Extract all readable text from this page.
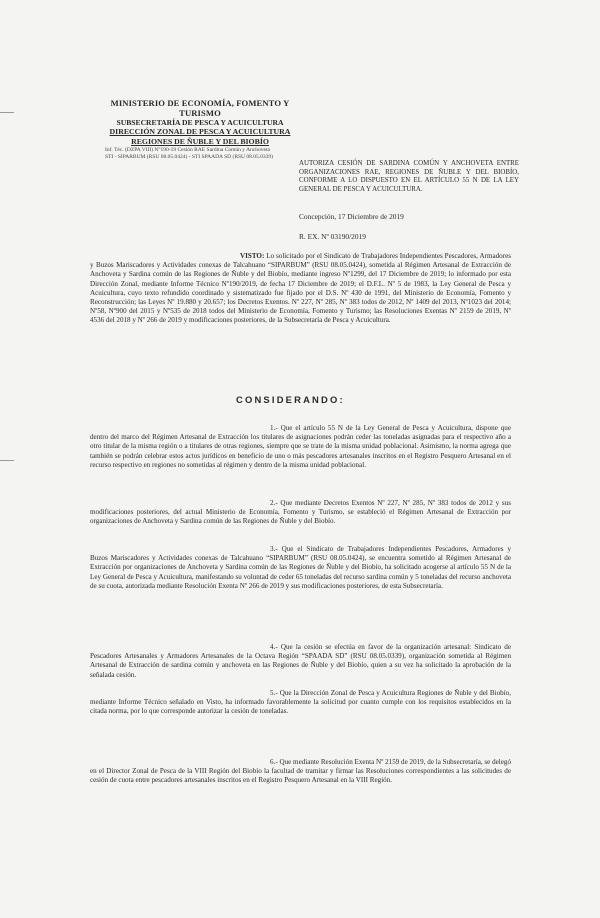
MINISTERIO DE ECONOMÍA, FOMENTO Y TURISMO
SUBSECRETARÍA DE PESCA Y ACUICULTURA
DIRECCIÓN ZONAL DE PESCA Y ACUICULTURA
REGIONES DE ÑUBLE Y DEL BIOBÍO
Inf. Téc. (DZPA VIII) N°190-19 Cesión RAE Sardina Común y Anchoveta
STI - SIPARBUM (RSU 08.05.0424) - STI SPAADA SD (RSU 08.05.0339)
AUTORIZA CESIÓN DE SARDINA COMÚN Y ANCHOVETA ENTRE ORGANIZACIONES RAE, REGIONES DE ÑUBLE Y DEL BIOBÍO, CONFORME A LO DISPUESTO EN EL ARTÍCULO 55 N DE LA LEY GENERAL DE PESCA Y ACUICULTURA.
Concepción, 17 Diciembre de 2019
R. EX. Nº 03190/2019
VISTO: Lo solicitado por el Sindicato de Trabajadores Independientes Pescadores, Armadores y Buzos Mariscadores y Actividades conexas de Talcahuano “SIPARBUM” (RSU 08.05.0424), sometida al Régimen Artesanal de Extracción de Anchoveta y Sardina común de las Regiones de Ñuble y del Biobío, mediante ingreso Nº1299, del 17 Diciembre de 2019; lo informado por esta Dirección Zonal, mediante Informe Técnico Nº190/2019, de fecha 17 Diciembre de 2019; el D.F.L. Nº 5 de 1983, la Ley General de Pesca y Acuicultura, cuyo texto refundido coordinado y sistematizado fue fijado por el D.S. Nº 430 de 1991, del Ministerio de Economía, Fomento y Reconstrucción; las Leyes Nº 19.880 y 20.657; los Decretos Exentos. Nº 227, Nº 285, Nº 383 todos de 2012, Nº 1409 del 2013, Nº1023 del 2014; Nº58, Nº900 del 2015 y Nº535 de 2018 todos del Ministerio de Economía, Fomento y Turismo; las Resoluciones Exentas Nº 2159 de 2019, Nº 4536 del 2018 y Nº 266 de 2019 y modificaciones posteriores, de la Subsecretaría de Pesca y Acuicultura.
CONSIDERANDO:
1.- Que el artículo 55 N de la Ley General de Pesca y Acuicultura, dispone que dentro del marco del Régimen Artesanal de Extracción los titulares de asignaciones podrán ceder las toneladas asignadas para el respectivo año a otro titular de la misma región o a titulares de otras regiones, siempre que se trate de la misma unidad poblacional. Asimismo, la norma agrega que también se podrán celebrar estos actos jurídicos en beneficio de uno o más pescadores artesanales inscritos en el Registro Pesquero Artesanal en el recurso respectivo en regiones no sometidas al régimen y dentro de la misma unidad poblacional.
2.- Que mediante Decretos Exentos Nº 227, Nº 285, Nº 383 todos de 2012 y sus modificaciones posteriores, del actual Ministerio de Economía, Fomento y Turismo, se estableció el Régimen Artesanal de Extracción por organizaciones de Anchoveta y Sardina común de las Regiones de Ñuble y del Biobío.
3.- Que el Sindicato de Trabajadores Independientes Pescadores, Armadores y Buzos Mariscadores y Actividades conexas de Talcahuano “SIPARBUM” (RSU 08.05.0424), se encuentra sometido al Régimen Artesanal de Extracción por organizaciones de Anchoveta y Sardina común de las Regiones de Ñuble y del Biobío, ha solicitado acogerse al artículo 55 N de la Ley General de Pesca y Acuicultura, manifestando su voluntad de ceder 65 toneladas del recurso sardina común y 5 toneladas del recurso anchoveta de su cuota, autorizada mediante Resolución Exenta Nº 266 de 2019 y sus modificaciones posteriores, de esta Subsecretaría.
4.- Que la cesión se efectúa en favor de la organización artesanal: Sindicato de Pescadores Artesanales y Armadores Artesanales de la Octava Región “SPAADA SD” (RSU 08.05.0339), organización sometida al Régimen Artesanal de Extracción de sardina común y anchoveta en las Regiones de Ñuble y del Biobío, quien a su vez ha solicitado la aprobación de la señalada cesión.
5.- Que la Dirección Zonal de Pesca y Acuicultura Regiones de Ñuble y del Biobío, mediante Informe Técnico señalado en Visto, ha informado favorablemente la solicitud por cuanto cumple con los requisitos establecidos en la citada norma, por lo que corresponde autorizar la cesión de toneladas.
6.- Que mediante Resolución Exenta Nº 2159 de 2019, de la Subsecretaría, se delegó en el Director Zonal de Pesca de la VIII Región del Biobío la facultad de tramitar y firmar las Resoluciones correspondientes a las solicitudes de cesión de cuota entre pescadores artesanales inscritos en el Registro Pesquero Artesanal en la VIII Región.
